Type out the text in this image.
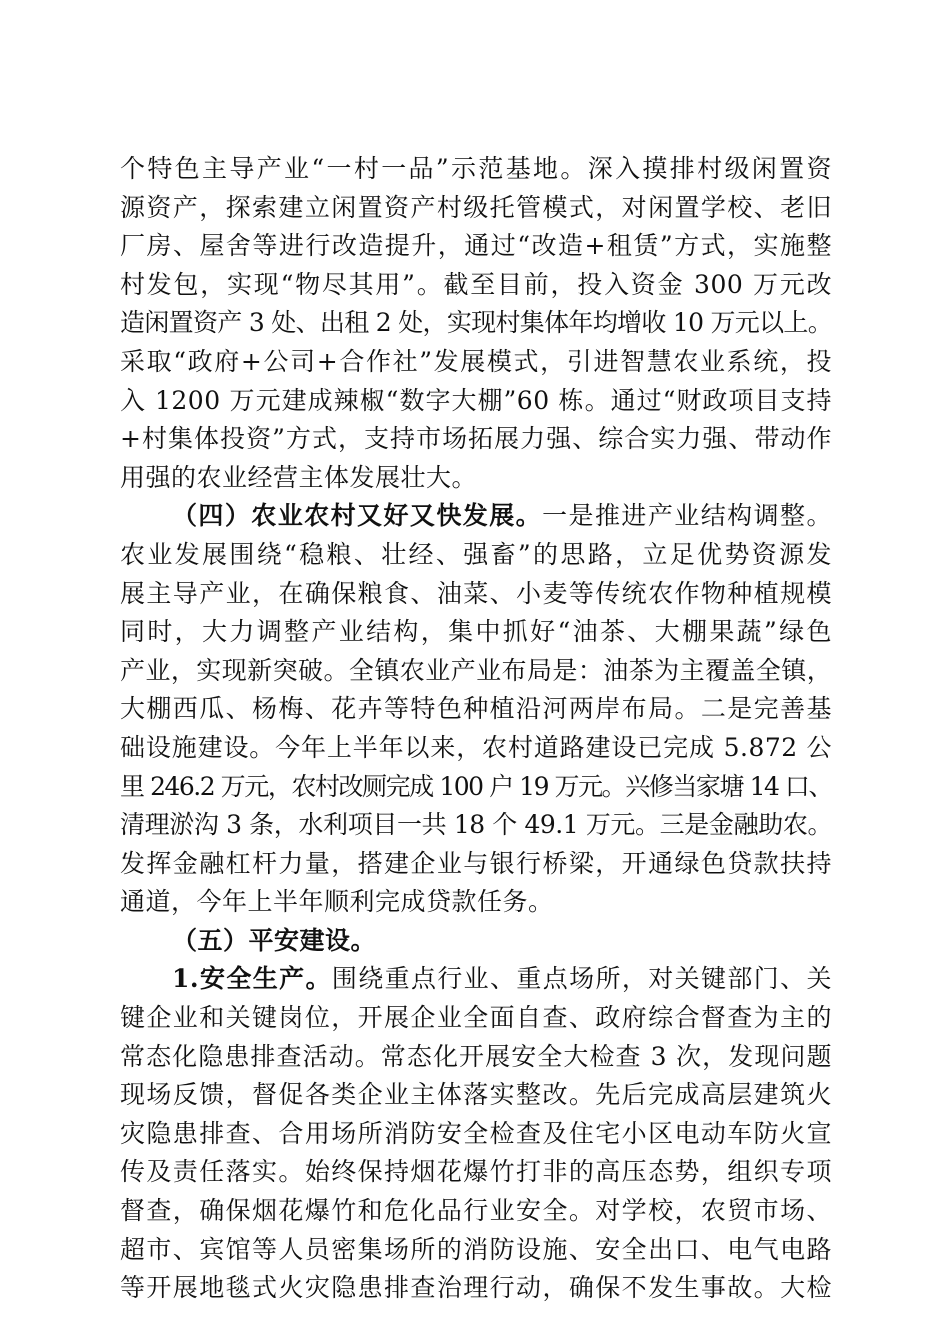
个特色主导产业“一村一品”示范基地。深入摸排村级闲置资
源资产，探索建立闲置资产村级托管模式，对闲置学校、老旧
厂房、屋舍等进行改造提升，通过“改造+租赁”方式，实施整
村发包，实现“物尽其用”。截至目前，投入资金 300 万元改
造闲置资产 3 处、出租 2 处，实现村集体年均增收 10 万元以上。
采取“政府+公司+合作社”发展模式，引进智慧农业系统，投
入 1200 万元建成辣椒“数字大棚”60 栋。通过“财政项目支持
+村集体投资”方式，支持市场拓展力强、综合实力强、带动作
用强的农业经营主体发展壮大。
（四）农业农村又好又快发展。一是推进产业结构调整。
农业发展围绕“稳粮、壮经、强畜”的思路，立足优势资源发
展主导产业，在确保粮食、油菜、小麦等传统农作物种植规模
同时，大力调整产业结构，集中抓好“油茶、大棚果蔬”绿色
产业，实现新突破。全镇农业产业布局是：油茶为主覆盖全镇，
大棚西瓜、杨梅、花卉等特色种植沿河两岸布局。二是完善基
础设施建设。今年上半年以来，农村道路建设已完成 5.872 公
里 246.2 万元，农村改厕完成 100 户 19 万元。兴修当家塘 14 口、
清理淤沟 3 条，水利项目一共 18 个 49.1 万元。三是金融助农。
发挥金融杠杆力量，搭建企业与银行桥梁，开通绿色贷款扶持
通道，今年上半年顺利完成贷款任务。
（五）平安建设。
1.安全生产。围绕重点行业、重点场所，对关键部门、关
键企业和关键岗位，开展企业全面自查、政府综合督查为主的
常态化隐患排查活动。常态化开展安全大检查 3 次，发现问题
现场反馈，督促各类企业主体落实整改。先后完成高层建筑火
灾隐患排查、合用场所消防安全检查及住宅小区电动车防火宣
传及责任落实。始终保持烟花爆竹打非的高压态势，组织专项
督查，确保烟花爆竹和危化品行业安全。对学校，农贸市场、
超市、宾馆等人员密集场所的消防设施、安全出口、电气电路
等开展地毯式火灾隐患排查治理行动，确保不发生事故。大检
